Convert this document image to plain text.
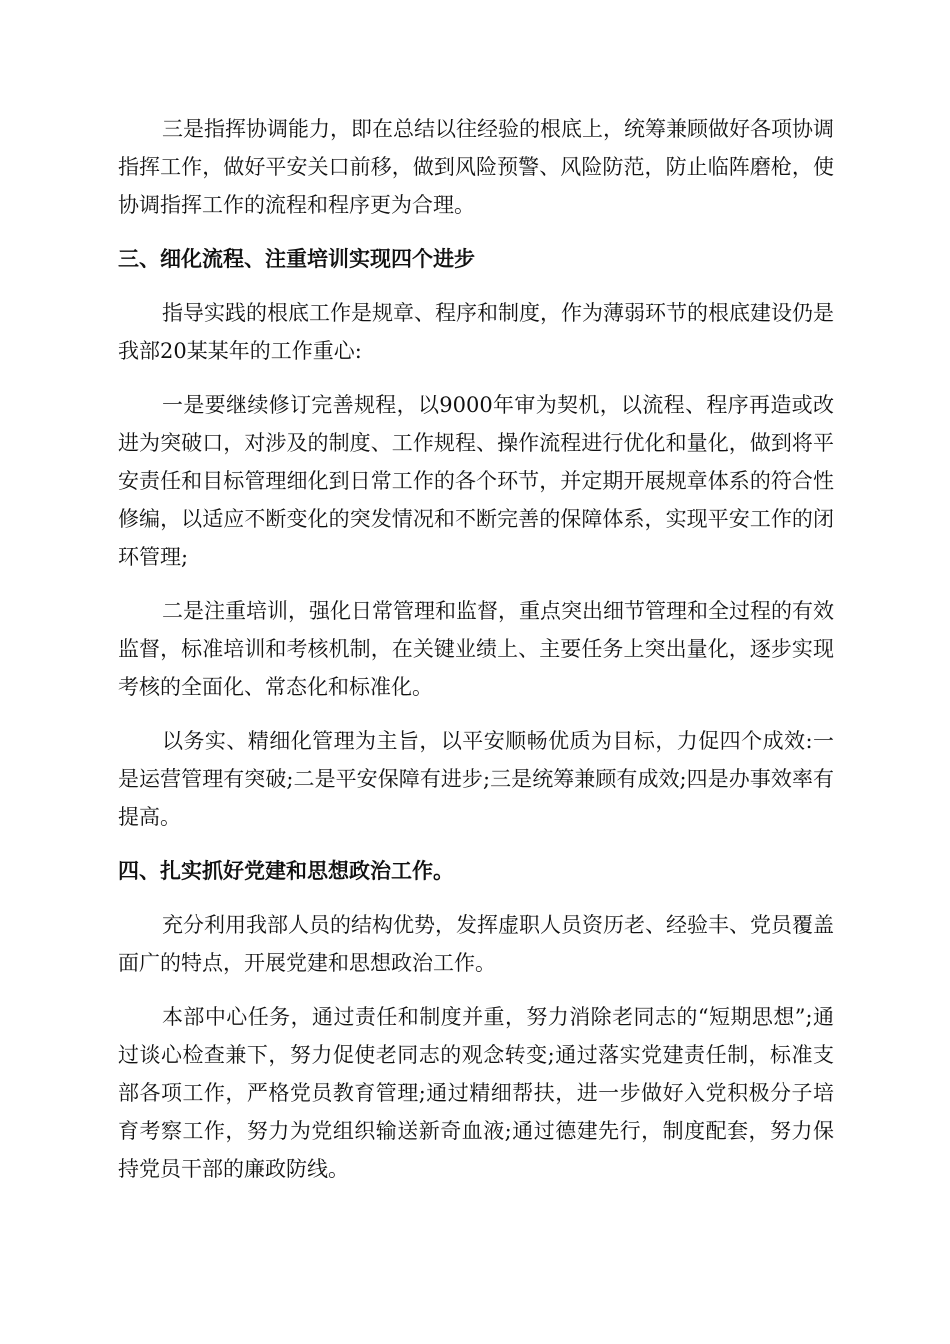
三是指挥协调能力，即在总结以往经验的根底上，统筹兼顾做好各项协调指挥工作，做好平安关口前移，做到风险预警、风险防范，防止临阵磨枪，使协调指挥工作的流程和程序更为合理。

三、细化流程、注重培训实现四个进步

指导实践的根底工作是规章、程序和制度，作为薄弱环节的根底建设仍是我部20某某年的工作重心:

一是要继续修订完善规程，以9000年审为契机，以流程、程序再造或改进为突破口，对涉及的制度、工作规程、操作流程进行优化和量化，做到将平安责任和目标管理细化到日常工作的各个环节，并定期开展规章体系的符合性修编，以适应不断变化的突发情况和不断完善的保障体系，实现平安工作的闭环管理;

二是注重培训，强化日常管理和监督，重点突出细节管理和全过程的有效监督，标准培训和考核机制，在关键业绩上、主要任务上突出量化，逐步实现考核的全面化、常态化和标准化。

以务实、精细化管理为主旨，以平安顺畅优质为目标，力促四个成效:一是运营管理有突破;二是平安保障有进步;三是统筹兼顾有成效;四是办事效率有提高。

四、扎实抓好党建和思想政治工作。

充分利用我部人员的结构优势，发挥虚职人员资历老、经验丰、党员覆盖面广的特点，开展党建和思想政治工作。

本部中心任务，通过责任和制度并重，努力消除老同志的“短期思想”;通过谈心检查兼下，努力促使老同志的观念转变;通过落实党建责任制，标准支部各项工作，严格党员教育管理;通过精细帮扶，进一步做好入党积极分子培育考察工作，努力为党组织输送新奇血液;通过德建先行，制度配套，努力保持党员干部的廉政防线。
